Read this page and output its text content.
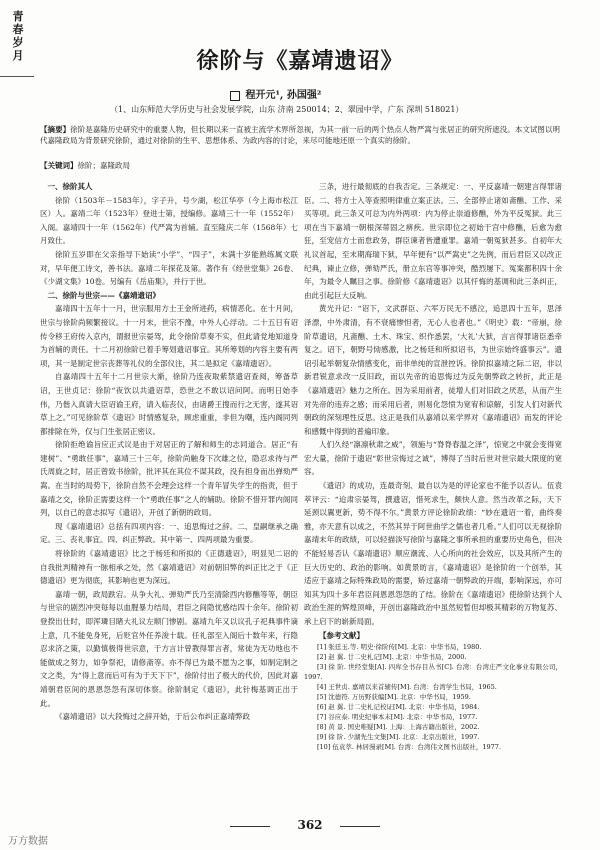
青
春
岁
月	徐阶与《嘉靖遗诏》
程开元¹, 孙国强²
（1、山东师范大学历史与社会发展学院，山东 济南 250014；2、翠园中学，广东 深圳 518021）
【摘要】徐阶是嘉隆历史研究中的重要人物，但长期以来一直被主流学术界所忽视，为其一前一后的两个热点人物严嵩与张居正的研究所遮没。本文试图以明代嘉隆政局为背景研究徐阶，通过对徐阶的生平、思想体系、为政内容的讨论，来尽可能地还原一个真实的徐阶。
【关键词】徐阶；嘉隆政局

一、徐阶其人

徐阶（1503年－1583年），字子升，号少湖，松江华亭（今上海市松江区）人。嘉靖二年（1523年）登进士第，授编修。嘉靖三十一年（1552年）入阁。嘉靖四十一年（1562年）代严嵩为首辅。直至隆庆二年（1568年）七月致仕。

徐阶五岁即在父亲指导下始读“小学”、“四子”，未满十岁能熟练属文联对，早年便工诗文，善书法。嘉靖二年探花及第。著作有《经世堂集》26卷、《少湖文集》10卷。另编有《岳庙集》，并行于世。

二、徐阶与世宗——《嘉靖遗诏》

嘉靖四十五年十一月，世宗服用方士王金所进药，病情恶化。在十月间，世宗与徐阶尚频繁接议。十一月末，世宗不豫，中外人心浮动。二十五日有诏传令移王府传入京内，谓报世宗晏驾，此令徐阶草奏不实，但此请党地知道身为首辅的责任。十二月初徐阶已着手筹划遗诏事宜。其所筹划的内容主要有两项，其一是制定世宗丧葬等礼仪的全部仪注，其二是拟定《嘉靖遗诏》。

自嘉靖四十五年十二月世宗大渐，徐阶乃连夜取紫禁遗诏查阅，筹备草诏，王世贞记：徐阶“夜饮以共遗诏草，恐世之不敢以诏问阿。而明日始李伟，乃偕入真请大臣诏谕王府，请入临丧仪，由诸爵王搜而行之无害，遂其诏草上之。”可见徐阶草《遗诏》时情感复杂，顾虑重重，非但为嘲，连内阁同列都排除在外，仅与门生张居正密议。

徐阶拒绝谕旨应正式议是由于对居正的了解和师生的志同道合。居正“有建树”、“勇敢任事”，嘉靖三十三年，徐阶尚触身下次雄之位，隐忍求待与严氏周旋之时，居正曾致书徐阶，批评其在其位不谋其政，没有担身而出弹劾严嵩。在当时的局势下，徐阶自然不会理会这样一个青年冒失学生的指责，但于嘉靖之交，徐阶正需要这样一个“勇敢任事”之人的辅助。徐阶不惜开罪内阁同列，以自己的意志拟写《遗诏》，开创了新朝的政局。

现《嘉靖遗诏》总括有四项内容：一、追思悔过之辞。二、皇嗣继承之确定。三、丧礼事宜。四、纠正弊政。其中第一、四两项最为重要。

将徐阶的《嘉靖遗诏》比之于杨廷和所拟的《正德遗诏》，明显见二诏的自我批判精神有一脉相承之处，然《嘉靖遗诏》对前朝旧弊的纠正比之于《正德遗诏》更为彻底，其影响也更为深远。

嘉靖一朝，政局跌宕。从争大礼、弹劾严氏乃至清除西内修醮等等，朝臣与世宗的剧烈冲突每每以血腥暴力结局，君臣之间隐忧感结四十余年。徐阶初登揆出仕时，即浑璘目睹大礼议左顺门惨剧。嘉靖九年又以议孔子祀典事件谪上意，几不能免身死，后贬官外任养浚十载。任礼部至入阁后十数年来，行隐忍求济之策，以勤慎极得世宗意，于方言计曾教得罪言者，常徒为无功地也不能做成之努力，如争祭祀，请修斋等。亦不得已为最不愿为之事，如制定制之文之类，为“得上意而后可有为于天下下”，徐阶付出了极大的代价，因此对嘉靖朝君臣间的恩恩怨怨有深切体察。徐阶制定《遗诏》，此针梅基调正出于此。

《嘉靖遗诏》以大段悔过之辞开始，于后公布纠正嘉靖弊政

三条，进行最彻底的自我否定。三条规定：一、平反嘉靖一朝建言得罪诸臣。二、将方士入等查照明律重立案正法。三、全部停止诸如斋醮、工作、采买等项。此三条又可总为内外两项：内为停止崇道修醮，外为平反冤狱。此三项在当下嘉靖一朝根深蒂固之痹疾。世宗即位之初始于宫中修醮，后愈为愈狂，至宠信方士而怠政务，群臣谏者皆遭重罪。嘉靖一朝冤狱甚多。自初年大礼议首起，至末期海瑞下狱，早年便有“以严嵩史”之先例，而后君臣又以改正纪典，谏止立修，弹劾严氏，册立东宫等事冲突，酷烈屡下。冤案都积四十余年，为最令人瞩目之事。徐阶修《嘉靖遗诏》以其忏悔的基调和此三条纠正，由此引起巨大反响。

黄光升记：“诏下，文武群臣、六军万民无不感泣，追思四十五年，思泽泽漂，中外肃清，有不衰痛惨怛者，无心人也者也。”《明史》载：“帝崩，徐阶草遗诏，凡斋醮、土木、珠宝、织作悉罢，‘大礼’大狱，言言得罪诸臣悉牵复之。诏下，朝野号恸感激，比之杨廷和所拟诏书，为世宗始终盛事云”。遗诏引起举朝复杂情感变化，而非单纯的宣泄控诉。徐阶拟嘉靖之际二诏，非以新君锐意求改一反旧政，而以先帝的追思悔过为反先朝弊政之转折，此正是《嘉靖遗诏》魅力之所在。因为采用前者，徒增人们对旧政之厌恶，从而产生对先帝的违弃之感；而采用后者，则易化怨愤为宽宥和谅解，引发人们对新代朝政的深刻理性反思。这正是我们从嘉靖以来学界对《嘉靖遗诏》而发的评论和感慨中得到的普遍印象。

人们久经“凛凛秋肃之威”，领施与“脊脊春温之泽”，惊宽之中就会变得宽宏大量，徐阶于遗诏“彰世宗悔过之诚”，博得了当时后世对世宗最大限度的宽容。

《遗诏》的成功，连最奇刻、最自以为是的评论家也不能予以否认。伍袁萃评云：“迨肃宗晏驾，撰遗诏，惜死求生，颇快人意。然当改革之际，天下延颈以翼更新，势不得不尔。”黄景方评论徐阶政绩：“妙在遗诏一着，曲终奏雅，亦天意有以成之，不然其异于阿世曲学之儒也者几希。”人们可以无视徐阶嘉靖末年的政绩，可以轻描淡写徐阶与嘉隆之事所承担的重要历史角色，但决不能轻易否认《嘉靖遗诏》顺应潮流、人心所向的社会效应，以及其所产生的巨大历史的、政治的影响。如黄景昉言，《嘉靖遗诏》是徐阶的一个创举，其适应于嘉靖之际特殊政局的需要，矫过嘉靖一朝弊政的开端，影响深远，亦可知其为四十多年君臣间恩恩怨怨的了结。徐阶在《嘉靖遗诏》使徐阶达到个人政治生涯的辉煌顶峰，开创出嘉隆政治中虽然短暂但却极其精彩的万物复苏、承上启下的崭新局面。

【参考文献】

[1] 张廷玉.等. 明史·徐阶传[M]. 北京：中华书局，1980.

[2] 赵 翼. 廿二史札记[M]. 北京：中华书局，2000.

[3] 徐 阶. 世经堂集[A]. 四库全书存目丛书[C]. 台湾：台湾庄严文化事业有限公司，1997.

[4] 王世贞. 嘉靖以来首辅传[M]. 台湾：台湾学生书局，1965.

[5] 沈德符. 万历野获编[M]. 北京：中华书局，1959.

[6] 赵 翼. 廿二史札记校证[M]. 北京：中华书局，1984.

[7] 谷应泰. 明史纪事本末[M]. 北京：中华书局，1977.

[8] 黄 景. 国史唯疑[M]. 上海：上海古籍出版社，2002.

[9] 徐 阶. 少湖先生文集[M]. 北京：北京出版社，1997.

[10] 伍袁萃. 林居漫录[M]. 台湾：台湾伟文图书出版社，1977.

362
万方数据
